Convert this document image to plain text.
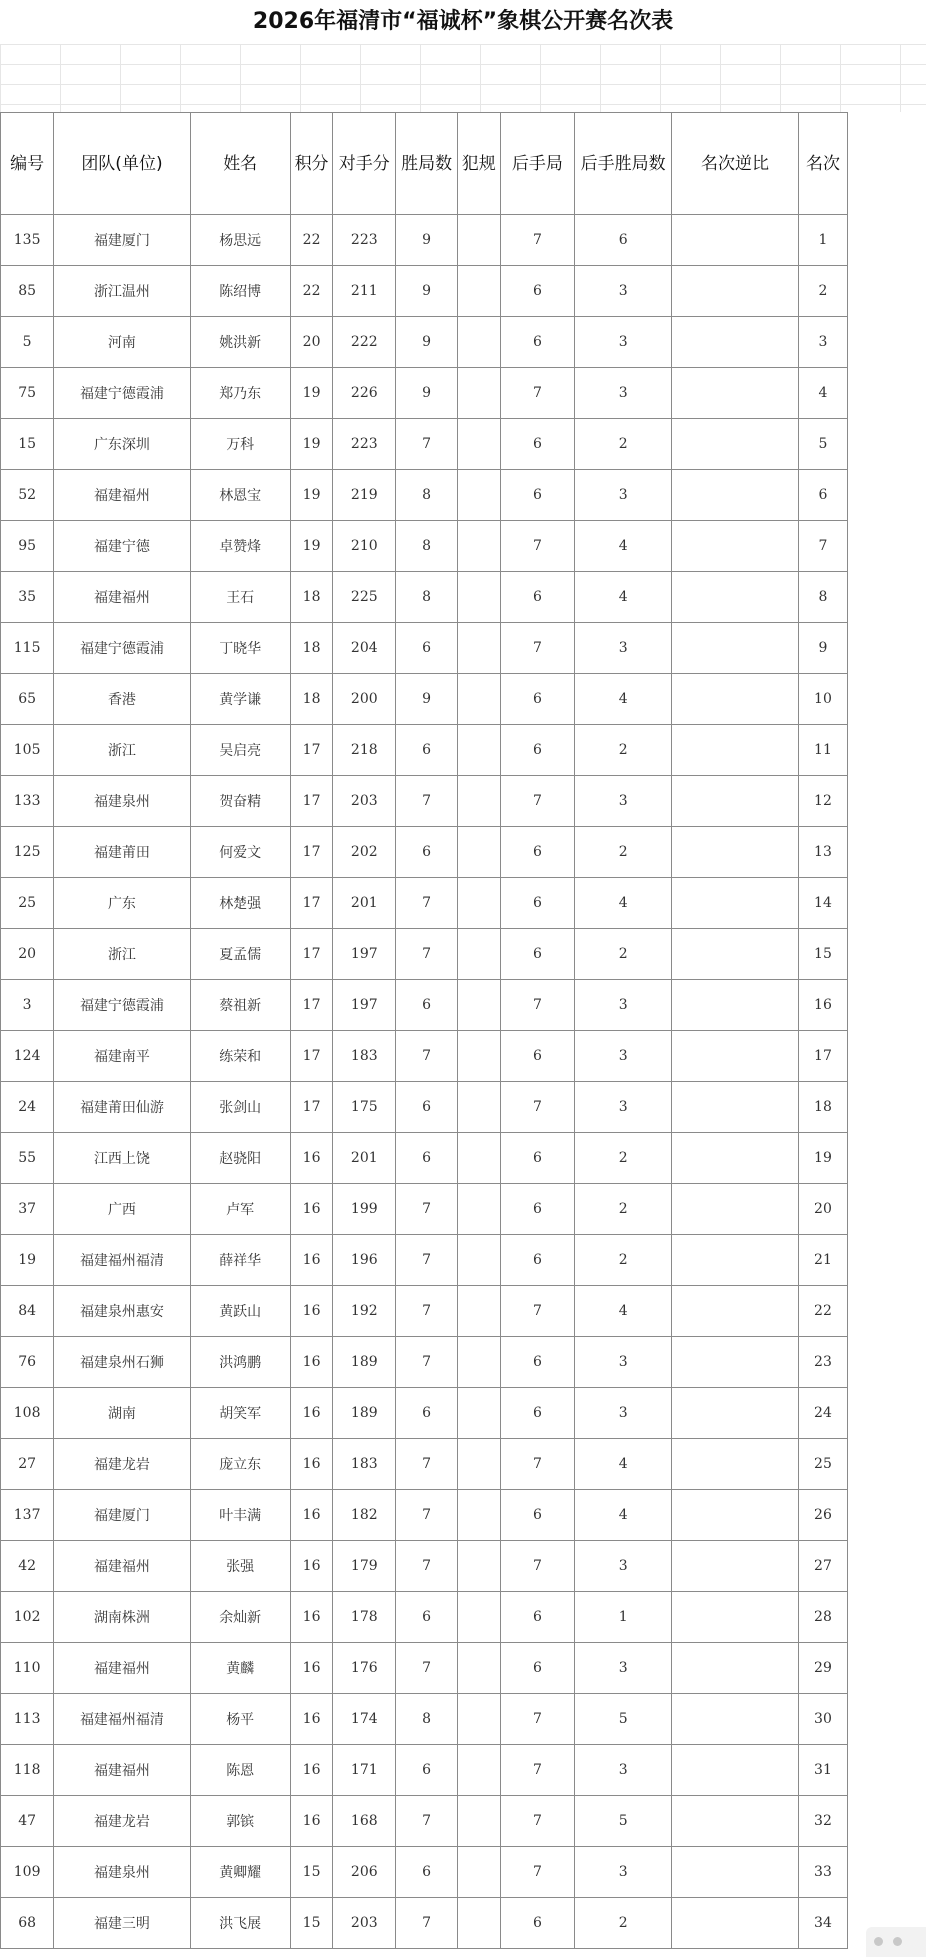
2026年福清市“福诚杯”象棋公开赛名次表
编号	团队(单位)	姓名	积分	对手分	胜局数	犯规	后手局	后手胜局数	名次逆比	名次
135	福建厦门	杨思远	22	223	9		7	6		1
85	浙江温州	陈绍博	22	211	9		6	3		2
5	河南	姚洪新	20	222	9		6	3		3
75	福建宁德霞浦	郑乃东	19	226	9		7	3		4
15	广东深圳	万科	19	223	7		6	2		5
52	福建福州	林恩宝	19	219	8		6	3		6
95	福建宁德	卓赞烽	19	210	8		7	4		7
35	福建福州	王石	18	225	8		6	4		8
115	福建宁德霞浦	丁晓华	18	204	6		7	3		9
65	香港	黄学谦	18	200	9		6	4		10
105	浙江	吴启亮	17	218	6		6	2		11
133	福建泉州	贺奋精	17	203	7		7	3		12
125	福建莆田	何爱文	17	202	6		6	2		13
25	广东	林楚强	17	201	7		6	4		14
20	浙江	夏孟儒	17	197	7		6	2		15
3	福建宁德霞浦	蔡祖新	17	197	6		7	3		16
124	福建南平	练荣和	17	183	7		6	3		17
24	福建莆田仙游	张剑山	17	175	6		7	3		18
55	江西上饶	赵骁阳	16	201	6		6	2		19
37	广西	卢军	16	199	7		6	2		20
19	福建福州福清	薛祥华	16	196	7		6	2		21
84	福建泉州惠安	黄跃山	16	192	7		7	4		22
76	福建泉州石狮	洪鸿鹏	16	189	7		6	3		23
108	湖南	胡笑军	16	189	6		6	3		24
27	福建龙岩	庞立东	16	183	7		7	4		25
137	福建厦门	叶丰满	16	182	7		6	4		26
42	福建福州	张强	16	179	7		7	3		27
102	湖南株洲	余灿新	16	178	6		6	1		28
110	福建福州	黄麟	16	176	7		6	3		29
113	福建福州福清	杨平	16	174	8		7	5		30
118	福建福州	陈恩	16	171	6		7	3		31
47	福建龙岩	郭镔	16	168	7		7	5		32
109	福建泉州	黄卿耀	15	206	6		7	3		33
68	福建三明	洪飞展	15	203	7		6	2		34
